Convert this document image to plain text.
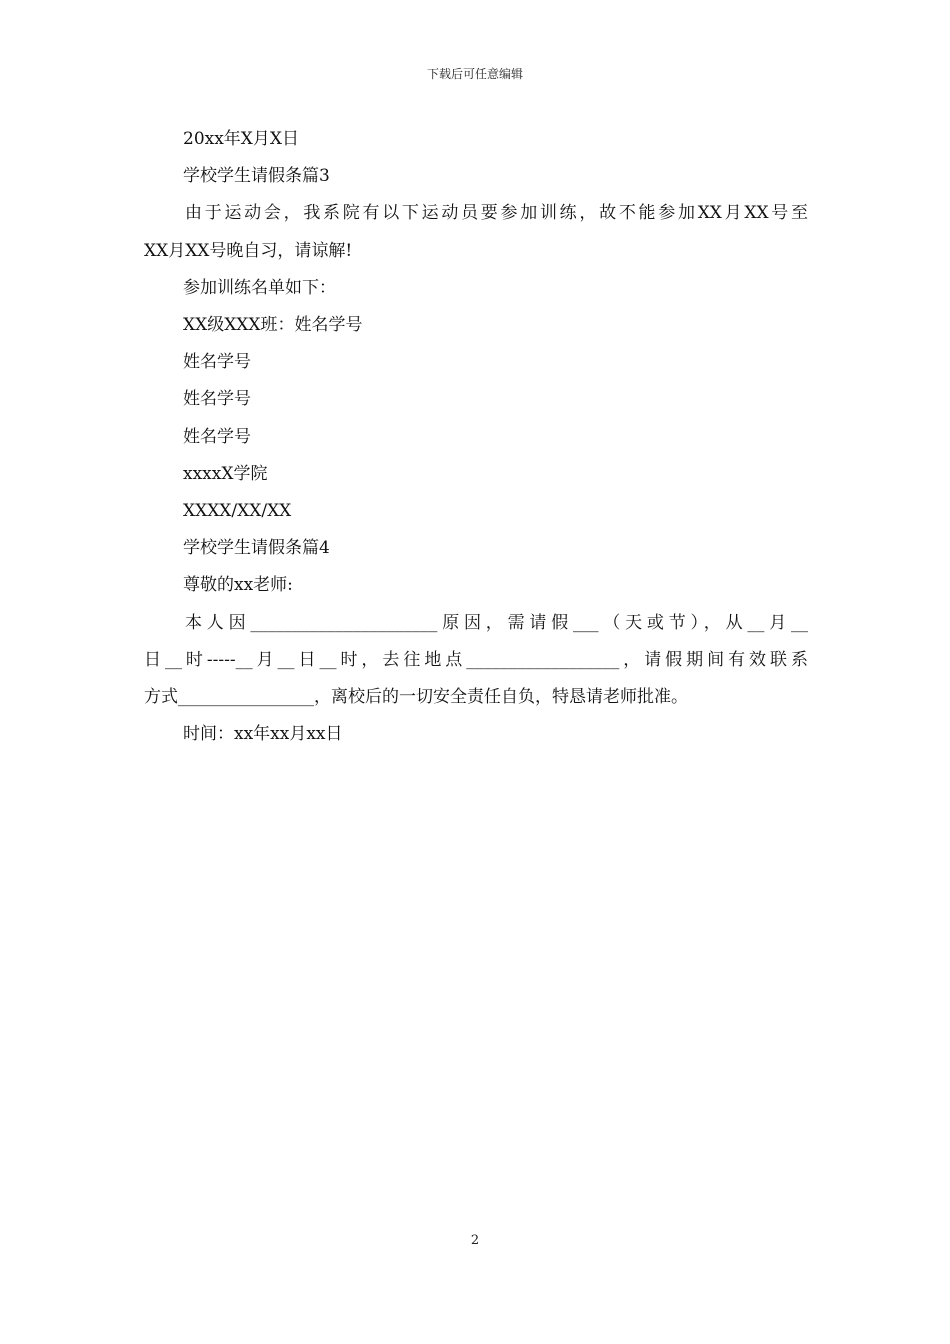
下载后可任意编辑
20xx年X月X日
学校学生请假条篇3
由于运动会，我系院有以下运动员要参加训练，故不能参加XX月XX号至
XX月XX号晚自习，请谅解!
参加训练名单如下：
XX级XXX班：姓名学号
姓名学号
姓名学号
姓名学号
xxxxX学院
XXXX/XX/XX
学校学生请假条篇4
尊敬的xx老师:
本人因______________________原因，需请假___（天或节），从__月__
日__时-----__月__日__时，去往地点__________________，请假期间有效联系
方式________________，离校后的一切安全责任自负，特恳请老师批准。
时间：xx年xx月xx日
2
